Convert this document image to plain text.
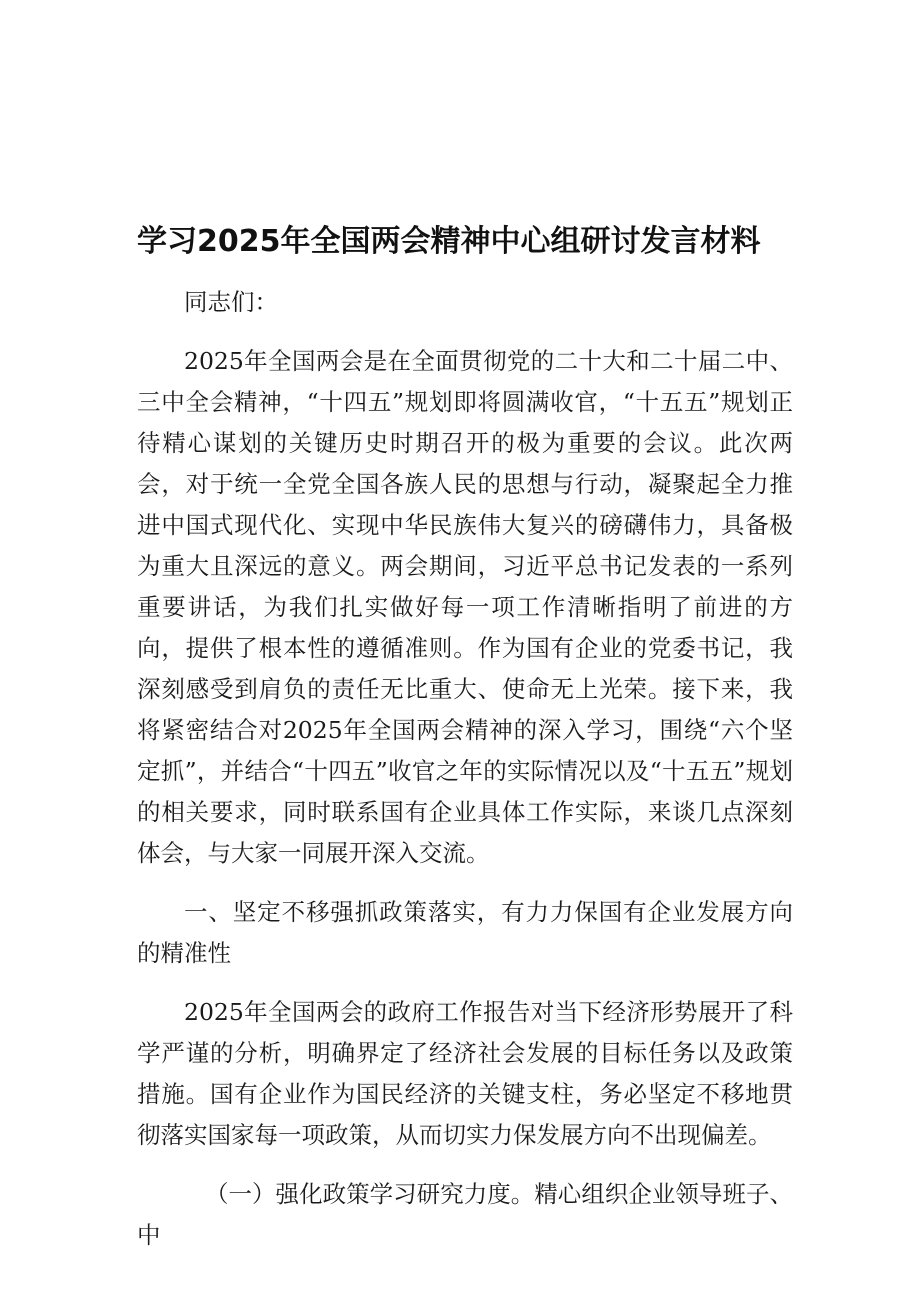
学习2025年全国两会精神中心组研讨发言材料

同志们：

2025年全国两会是在全面贯彻党的二十大和二十届二中、三中全会精神，“十四五”规划即将圆满收官，“十五五”规划正待精心谋划的关键历史时期召开的极为重要的会议。此次两会，对于统一全党全国各族人民的思想与行动，凝聚起全力推进中国式现代化、实现中华民族伟大复兴的磅礴伟力，具备极为重大且深远的意义。两会期间，习近平总书记发表的一系列重要讲话，为我们扎实做好每一项工作清晰指明了前进的方向，提供了根本性的遵循准则。作为国有企业的党委书记，我深刻感受到肩负的责任无比重大、使命无上光荣。接下来，我将紧密结合对2025年全国两会精神的深入学习，围绕“六个坚定抓”，并结合“十四五”收官之年的实际情况以及“十五五”规划的相关要求，同时联系国有企业具体工作实际，来谈几点深刻体会，与大家一同展开深入交流。

一、坚定不移强抓政策落实，有力力保国有企业发展方向的精准性

2025年全国两会的政府工作报告对当下经济形势展开了科学严谨的分析，明确界定了经济社会发展的目标任务以及政策措施。国有企业作为国民经济的关键支柱，务必坚定不移地贯彻落实国家每一项政策，从而切实力保发展方向不出现偏差。

（一）强化政策学习研究力度。精心组织企业领导班子、中
